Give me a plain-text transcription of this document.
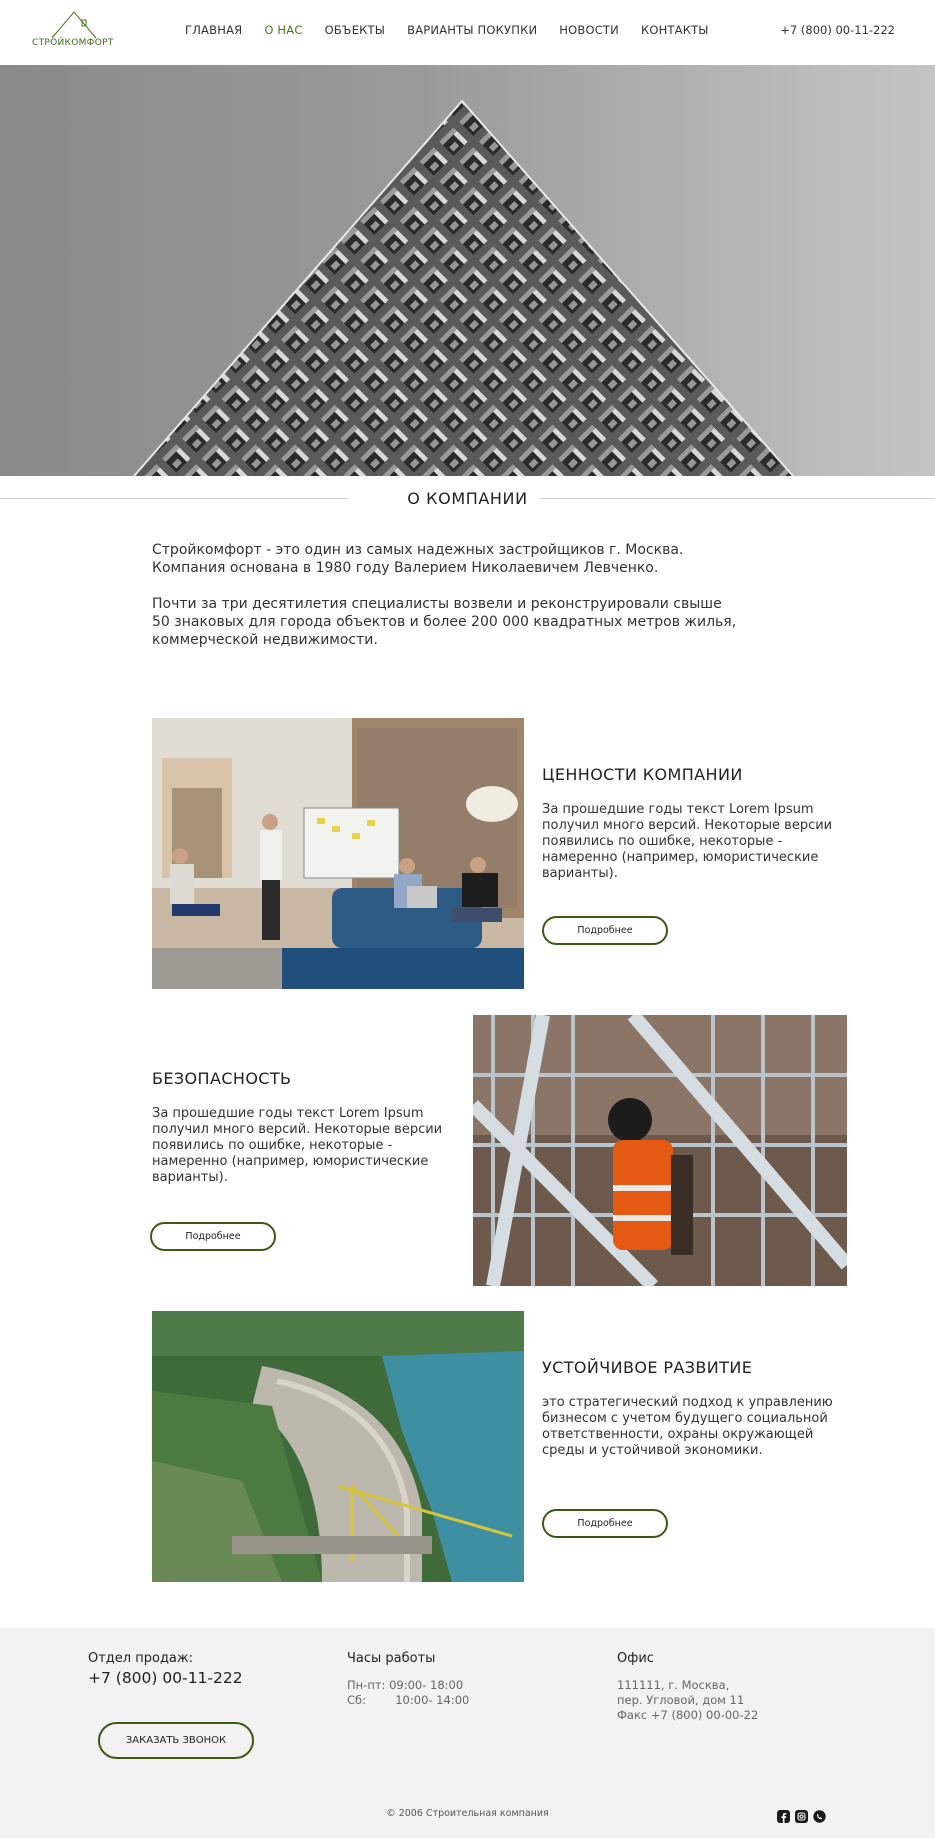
СТРОЙКОМФОРТ
ГЛАВНАЯ О НАС ОБЪЕКТЫ ВАРИАНТЫ ПОКУПКИ НОВОСТИ КОНТАКТЫ	+7 (800) 00-11-222
О КОМПАНИИ

Стройкомфорт - это один из самых надежных застройщиков г. Москва.
Компания основана в 1980 году Валерием Николаевичем Левченко.

Почти за три десятилетия специалисты возвели и реконструировали свыше
50 знаковых для города объектов и более 200 000 квадратных метров жилья,
коммерческой недвижимости.

ЦЕННОСТИ КОМПАНИИ
За прошедшие годы текст Lorem Ipsum
получил много версий. Некоторые версии
появились по ошибке, некоторые -
намеренно (например, юмористические
варианты).
Подробнее
БЕЗОПАСНОСТЬ
За прошедшие годы текст Lorem Ipsum
получил много версий. Некоторые версии
появились по ошибке, некоторые -
намеренно (например, юмористические
варианты).
Подробнее
УСТОЙЧИВОЕ РАЗВИТИЕ
это стратегический подход к управлению
бизнесом с учетом будущего социальной
ответственности, охраны окружающей
среды и устойчивой экономики.
Подробнее
Отдел продаж:
+7 (800) 00-11-222
ЗАКАЗАТЬ ЗВОНОК
Часы работы
Пн-пт: 09:00- 18:00
Сб:        10:00- 14:00
Офис
111111, г. Москва,
пер. Угловой, дом 11
Факс +7 (800) 00-00-22
© 2006 Строительная компания
